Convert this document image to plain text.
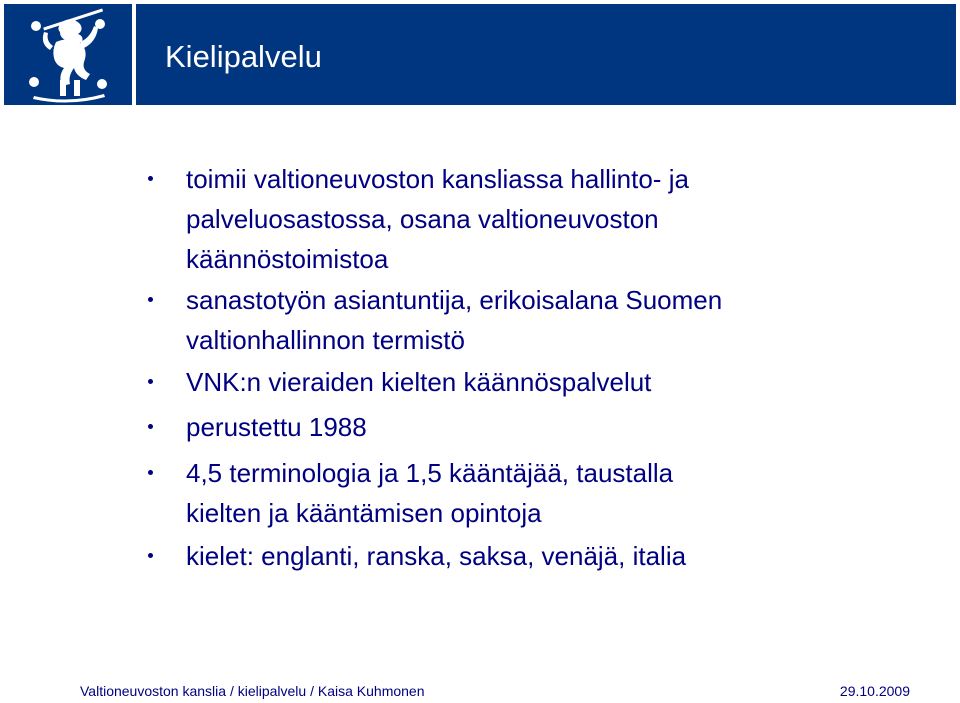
Kielipalvelu
toimii valtioneuvoston kansliassa hallinto- ja
palveluosastossa, osana valtioneuvoston
käännöstoimistoa
sanastotyön asiantuntija, erikoisalana Suomen
valtionhallinnon termistö
VNK:n vieraiden kielten käännöspalvelut
perustettu 1988
4,5 terminologia ja 1,5 kääntäjää, taustalla
kielten ja kääntämisen opintoja
kielet: englanti, ranska, saksa, venäjä, italia
Valtioneuvoston kanslia / kielipalvelu / Kaisa Kuhmonen	29.10.2009
